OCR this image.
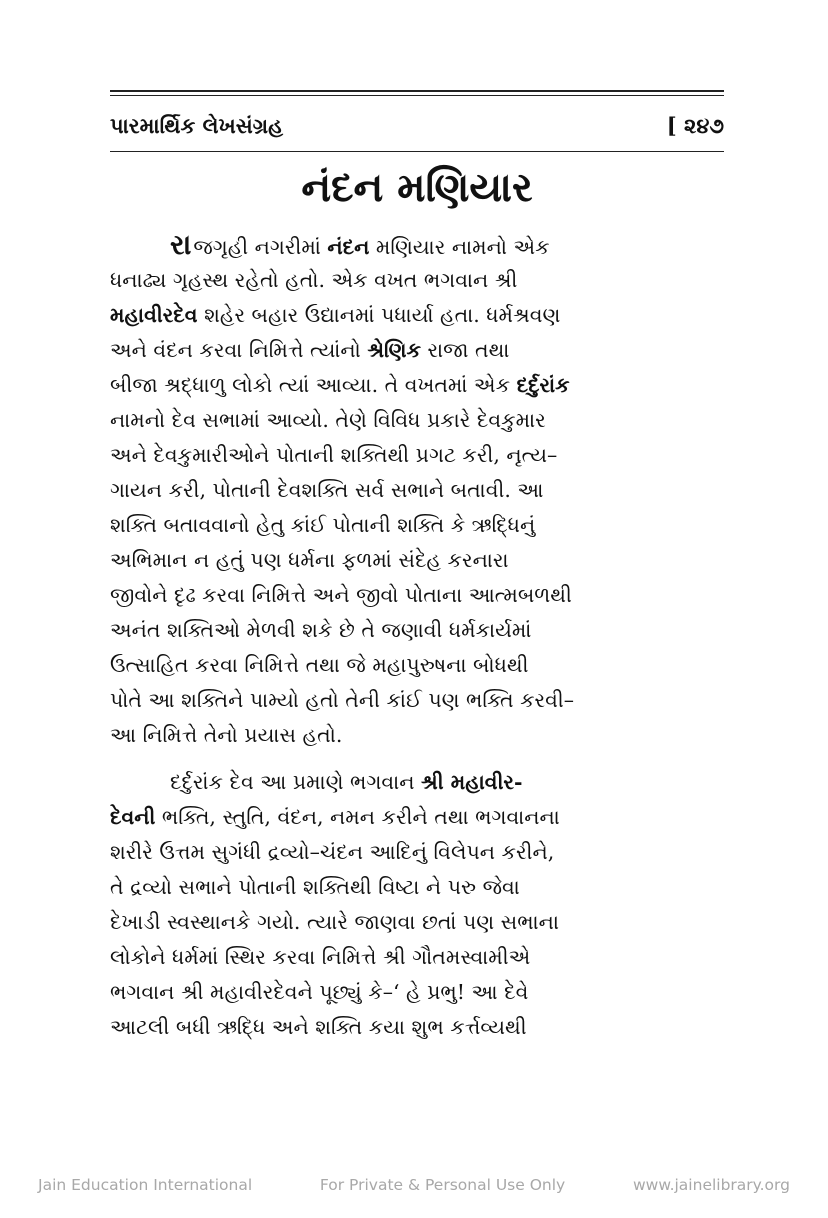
પારમાર્થિક લેખસંગ્રહ	[ ૨૪૭
નંદન મણિયાર
રાજગૃહી નગરીમાં નંદન મણિયાર નામનો એક
ધનાઢ્ય ગૃહસ્થ રહેતો હતો. એક વખત ભગવાન શ્રી
મહાવીરદેવ શહેર બહાર ઉદ્યાનમાં પધાર્યા હતા. ધર્મશ્રવણ
અને વંદન કરવા નિમિત્તે ત્યાંનો શ્રેણિક રાજા તથા
બીજા શ્રદ્ધાળુ લોકો ત્યાં આવ્યા. તે વખતમાં એક દર્દુરાંક
નામનો દેવ સભામાં આવ્યો. તેણે વિવિધ પ્રકારે દેવકુમાર
અને દેવકુમારીઓને પોતાની શક્તિથી પ્રગટ કરી, નૃત્ય–
ગાયન કરી, પોતાની દેવશક્તિ સર્વ સભાને બતાવી. આ
શક્તિ બતાવવાનો હેતુ કાંઈ પોતાની શક્તિ કે ઋદ્ધિનું
અભિમાન ન હતું પણ ધર્મના ફળમાં સંદેહ કરનારા
જીવોને દૃઢ કરવા નિમિત્તે અને જીવો પોતાના આત્મબળથી
અનંત શક્તિઓ મેળવી શકે છે તે જણાવી ધર્મકાર્યમાં
ઉત્સાહિત કરવા નિમિત્તે તથા જે મહાપુરુષના બોધથી
પોતે આ શક્તિને પામ્યો હતો તેની કાંઈ પણ ભક્તિ કરવી–
આ નિમિત્તે તેનો પ્રયાસ હતો.
દર્દુરાંક દેવ આ પ્રમાણે ભગવાન શ્રી મહાવીર-
દેવની ભક્તિ, સ્તુતિ, વંદન, નમન કરીને તથા ભગવાનના
શરીરે ઉત્તમ સુગંધી દ્રવ્યો–ચંદન આદિનું વિલેપન કરીને,
તે દ્રવ્યો સભાને પોતાની શક્તિથી વિષ્ટા ને પરુ જેવા
દેખાડી સ્વસ્થાનકે ગયો. ત્યારે જાણવા છતાં પણ સભાના
લોકોને ધર્મમાં સ્થિર કરવા નિમિત્તે શ્રી ગૌતમસ્વામીએ
ભગવાન શ્રી મહાવીરદેવને પૂછ્યું કે–‘ હે પ્રભુ! આ દેવે
આટલી બધી ઋદ્ધિ અને શક્તિ કયા શુભ કર્ત્તવ્યથી
Jain Education International	For Private & Personal Use Only	www.jainelibrary.org
